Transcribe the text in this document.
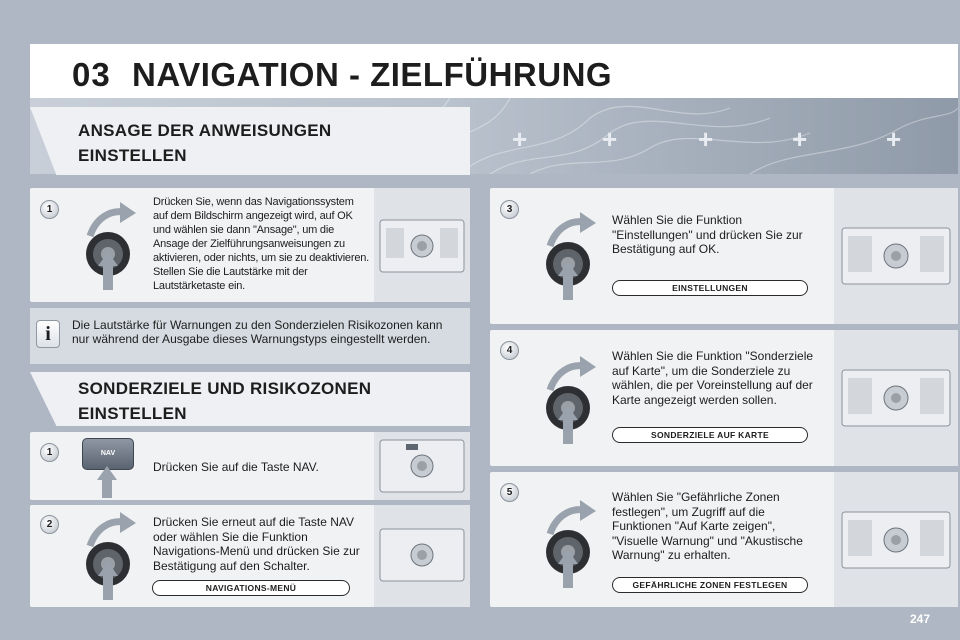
03 NAVIGATION - ZIELFÜHRUNG
+	+	+	+	+
ANSAGE DER ANWEISUNGEN
EINSTELLEN
1
Drücken Sie, wenn das Navigationssystem auf dem Bildschirm angezeigt wird, auf OK und wählen sie dann "Ansage", um die Ansage der Zielführungsanweisungen zu aktivieren, oder nichts, um sie zu deaktivieren. Stellen Sie die Lautstärke mit der Lautstärketaste ein.
i	Die Lautstärke für Warnungen zu den Sonderzielen Risikozonen kann nur während der Ausgabe dieses Warnungstyps eingestellt werden.
SONDERZIELE UND RISIKOZONEN
EINSTELLEN
1	NAV
Drücken Sie auf die Taste NAV.
2	Drücken Sie erneut auf die Taste NAV oder wählen Sie die Funktion Navigations-Menü und drücken Sie zur Bestätigung auf den Schalter.
NAVIGATIONS-MENÜ
3
Wählen Sie die Funktion "Einstellungen" und drücken Sie zur Bestätigung auf OK.
EINSTELLUNGEN
4	Wählen Sie die Funktion "Sonderziele auf Karte", um die Sonderziele zu wählen, die per Voreinstellung auf der Karte angezeigt werden sollen.
SONDERZIELE AUF KARTE
5	Wählen Sie "Gefährliche Zonen festlegen", um Zugriff auf die Funktionen "Auf Karte zeigen", "Visuelle Warnung" und "Akustische Warnung" zu erhalten.
GEFÄHRLICHE ZONEN FESTLEGEN
247
